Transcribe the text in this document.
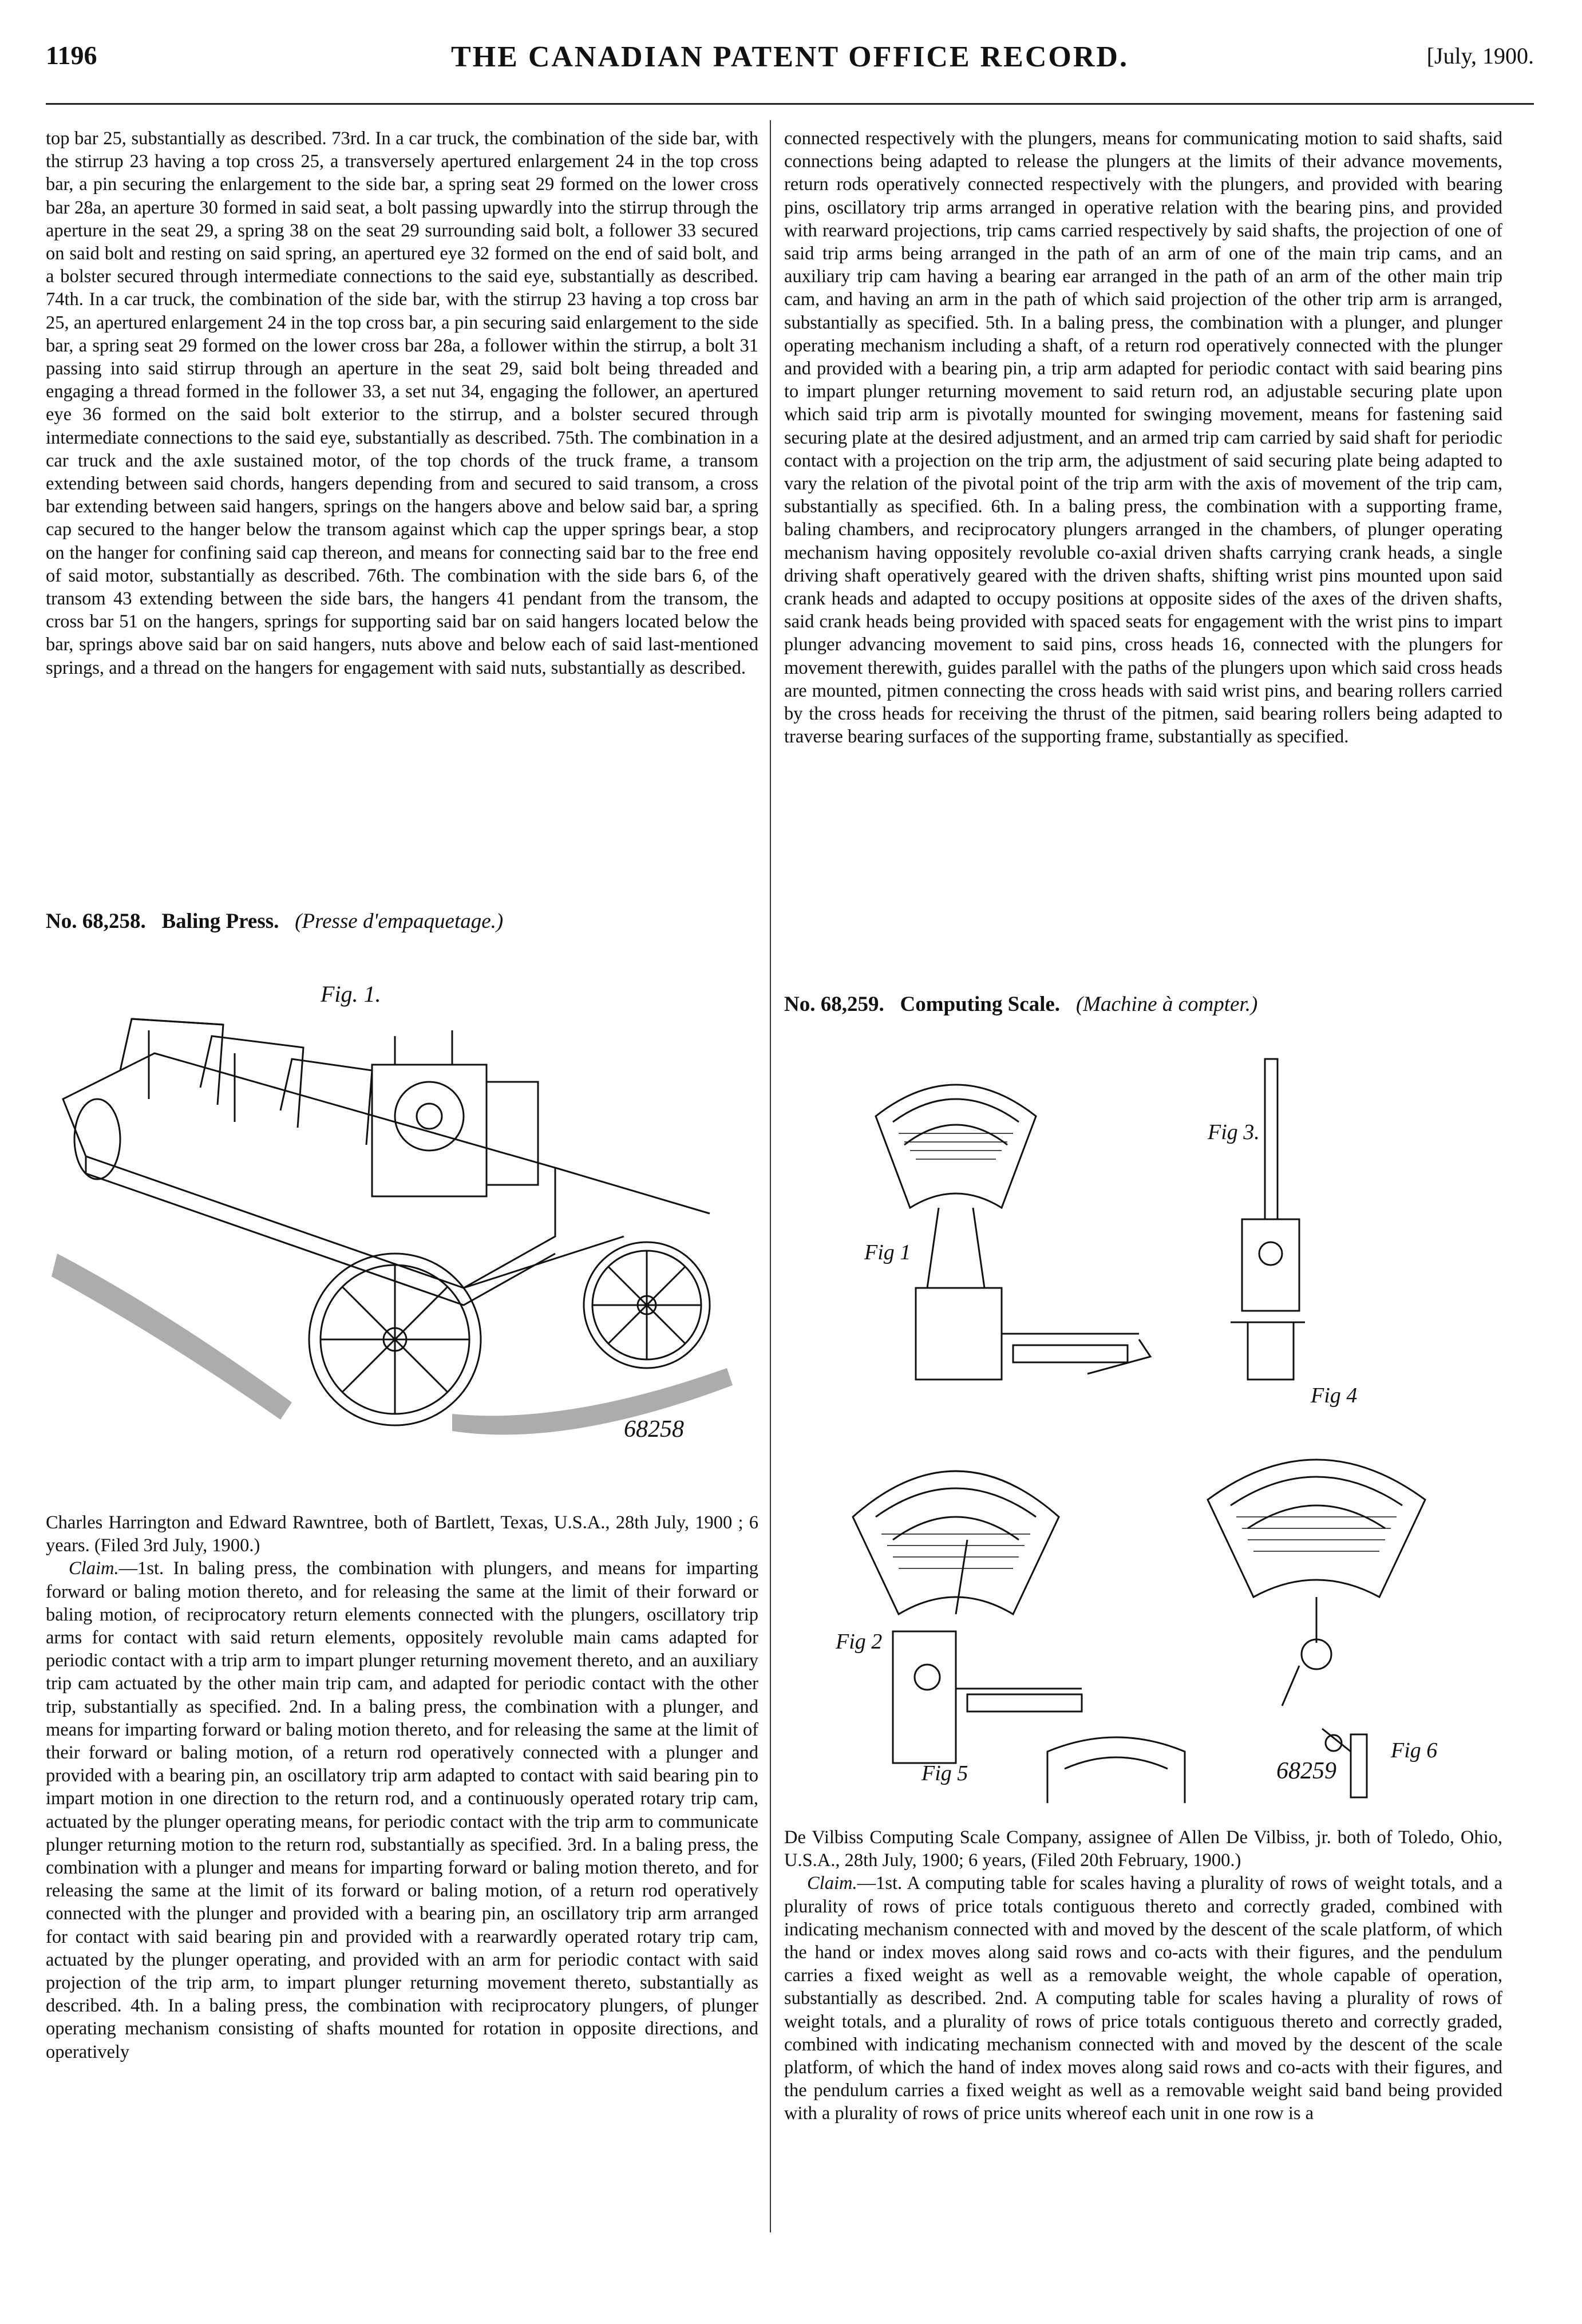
1196	THE CANADIAN PATENT OFFICE RECORD.	[July, 1900.

top bar 25, substantially as described. 73rd. In a car truck, the combination of the side bar, with the stirrup 23 having a top cross 25, a transversely apertured enlargement 24 in the top cross bar, a pin securing the enlargement to the side bar, a spring seat 29 formed on the lower cross bar 28a, an aperture 30 formed in said seat, a bolt passing upwardly into the stirrup through the aperture in the seat 29, a spring 38 on the seat 29 surrounding said bolt, a follower 33 secured on said bolt and resting on said spring, an apertured eye 32 formed on the end of said bolt, and a bolster secured through intermediate connections to the said eye, substantially as described. 74th. In a car truck, the combination of the side bar, with the stirrup 23 having a top cross bar 25, an apertured enlargement 24 in the top cross bar, a pin securing said enlargement to the side bar, a spring seat 29 formed on the lower cross bar 28a, a follower within the stirrup, a bolt 31 passing into said stirrup through an aperture in the seat 29, said bolt being threaded and engaging a thread formed in the follower 33, a set nut 34, engaging the follower, an apertured eye 36 formed on the said bolt exterior to the stirrup, and a bolster secured through intermediate connections to the said eye, substantially as described. 75th. The combination in a car truck and the axle sustained motor, of the top chords of the truck frame, a transom extending between said chords, hangers depending from and secured to said transom, a cross bar extending between said hangers, springs on the hangers above and below said bar, a spring cap secured to the hanger below the transom against which cap the upper springs bear, a stop on the hanger for confining said cap thereon, and means for connecting said bar to the free end of said motor, substantially as described. 76th. The combination with the side bars 6, of the transom 43 extending between the side bars, the hangers 41 pendant from the transom, the cross bar 51 on the hangers, springs for supporting said bar on said hangers located below the bar, springs above said bar on said hangers, nuts above and below each of said last-mentioned springs, and a thread on the hangers for engagement with said nuts, substantially as described.

No. 68,258. Baling Press. (Presse d'empaquetage.)

Fig. 1.
68258

Charles Harrington and Edward Rawntree, both of Bartlett, Texas, U.S.A., 28th July, 1900 ; 6 years. (Filed 3rd July, 1900.)

Claim.—1st. In baling press, the combination with plungers, and means for imparting forward or baling motion thereto, and for releasing the same at the limit of their forward or baling motion, of reciprocatory return elements connected with the plungers, oscillatory trip arms for contact with said return elements, oppositely revoluble main cams adapted for periodic contact with a trip arm to impart plunger returning movement thereto, and an auxiliary trip cam actuated by the other main trip cam, and adapted for periodic contact with the other trip, substantially as specified. 2nd. In a baling press, the combination with a plunger, and means for imparting forward or baling motion thereto, and for releasing the same at the limit of their forward or baling motion, of a return rod operatively connected with a plunger and provided with a bearing pin, an oscillatory trip arm adapted to contact with said bearing pin to impart motion in one direction to the return rod, and a continuously operated rotary trip cam, actuated by the plunger operating means, for periodic contact with the trip arm to communicate plunger returning motion to the return rod, substantially as specified. 3rd. In a baling press, the combination with a plunger and means for imparting forward or baling motion thereto, and for releasing the same at the limit of its forward or baling motion, of a return rod operatively connected with the plunger and provided with a bearing pin, an oscillatory trip arm arranged for contact with said bearing pin and provided with a rearwardly operated rotary trip cam, actuated by the plunger operating, and provided with an arm for periodic contact with said projection of the trip arm, to impart plunger returning movement thereto, substantially as described. 4th. In a baling press, the combination with reciprocatory plungers, of plunger operating mechanism consisting of shafts mounted for rotation in opposite directions, and operatively

connected respectively with the plungers, means for communicating motion to said shafts, said connections being adapted to release the plungers at the limits of their advance movements, return rods operatively connected respectively with the plungers, and provided with bearing pins, oscillatory trip arms arranged in operative relation with the bearing pins, and provided with rearward projections, trip cams carried respectively by said shafts, the projection of one of said trip arms being arranged in the path of an arm of one of the main trip cams, and an auxiliary trip cam having a bearing ear arranged in the path of an arm of the other main trip cam, and having an arm in the path of which said projection of the other trip arm is arranged, substantially as specified. 5th. In a baling press, the combination with a plunger, and plunger operating mechanism including a shaft, of a return rod operatively connected with the plunger and provided with a bearing pin, a trip arm adapted for periodic contact with said bearing pins to impart plunger returning movement to said return rod, an adjustable securing plate upon which said trip arm is pivotally mounted for swinging movement, means for fastening said securing plate at the desired adjustment, and an armed trip cam carried by said shaft for periodic contact with a projection on the trip arm, the adjustment of said securing plate being adapted to vary the relation of the pivotal point of the trip arm with the axis of movement of the trip cam, substantially as specified. 6th. In a baling press, the combination with a supporting frame, baling chambers, and reciprocatory plungers arranged in the chambers, of plunger operating mechanism having oppositely revoluble co-axial driven shafts carrying crank heads, a single driving shaft operatively geared with the driven shafts, shifting wrist pins mounted upon said crank heads and adapted to occupy positions at opposite sides of the axes of the driven shafts, said crank heads being provided with spaced seats for engagement with the wrist pins to impart plunger advancing movement to said pins, cross heads 16, connected with the plungers for movement therewith, guides parallel with the paths of the plungers upon which said cross heads are mounted, pitmen connecting the cross heads with said wrist pins, and bearing rollers carried by the cross heads for receiving the thrust of the pitmen, said bearing rollers being adapted to traverse bearing surfaces of the supporting frame, substantially as specified.

No. 68,259. Computing Scale. (Machine à compter.)

Fig 1
Fig 3.
Fig 4
Fig 2
Fig 5
Fig 6
68259

De Vilbiss Computing Scale Company, assignee of Allen De Vilbiss, jr. both of Toledo, Ohio, U.S.A., 28th July, 1900; 6 years, (Filed 20th February, 1900.)

Claim.—1st. A computing table for scales having a plurality of rows of weight totals, and a plurality of rows of price totals contiguous thereto and correctly graded, combined with indicating mechanism connected with and moved by the descent of the scale platform, of which the hand or index moves along said rows and co-acts with their figures, and the pendulum carries a fixed weight as well as a removable weight, the whole capable of operation, substantially as described. 2nd. A computing table for scales having a plurality of rows of weight totals, and a plurality of rows of price totals contiguous thereto and correctly graded, combined with indicating mechanism connected with and moved by the descent of the scale platform, of which the hand of index moves along said rows and co-acts with their figures, and the pendulum carries a fixed weight as well as a removable weight said band being provided with a plurality of rows of price units whereof each unit in one row is a
